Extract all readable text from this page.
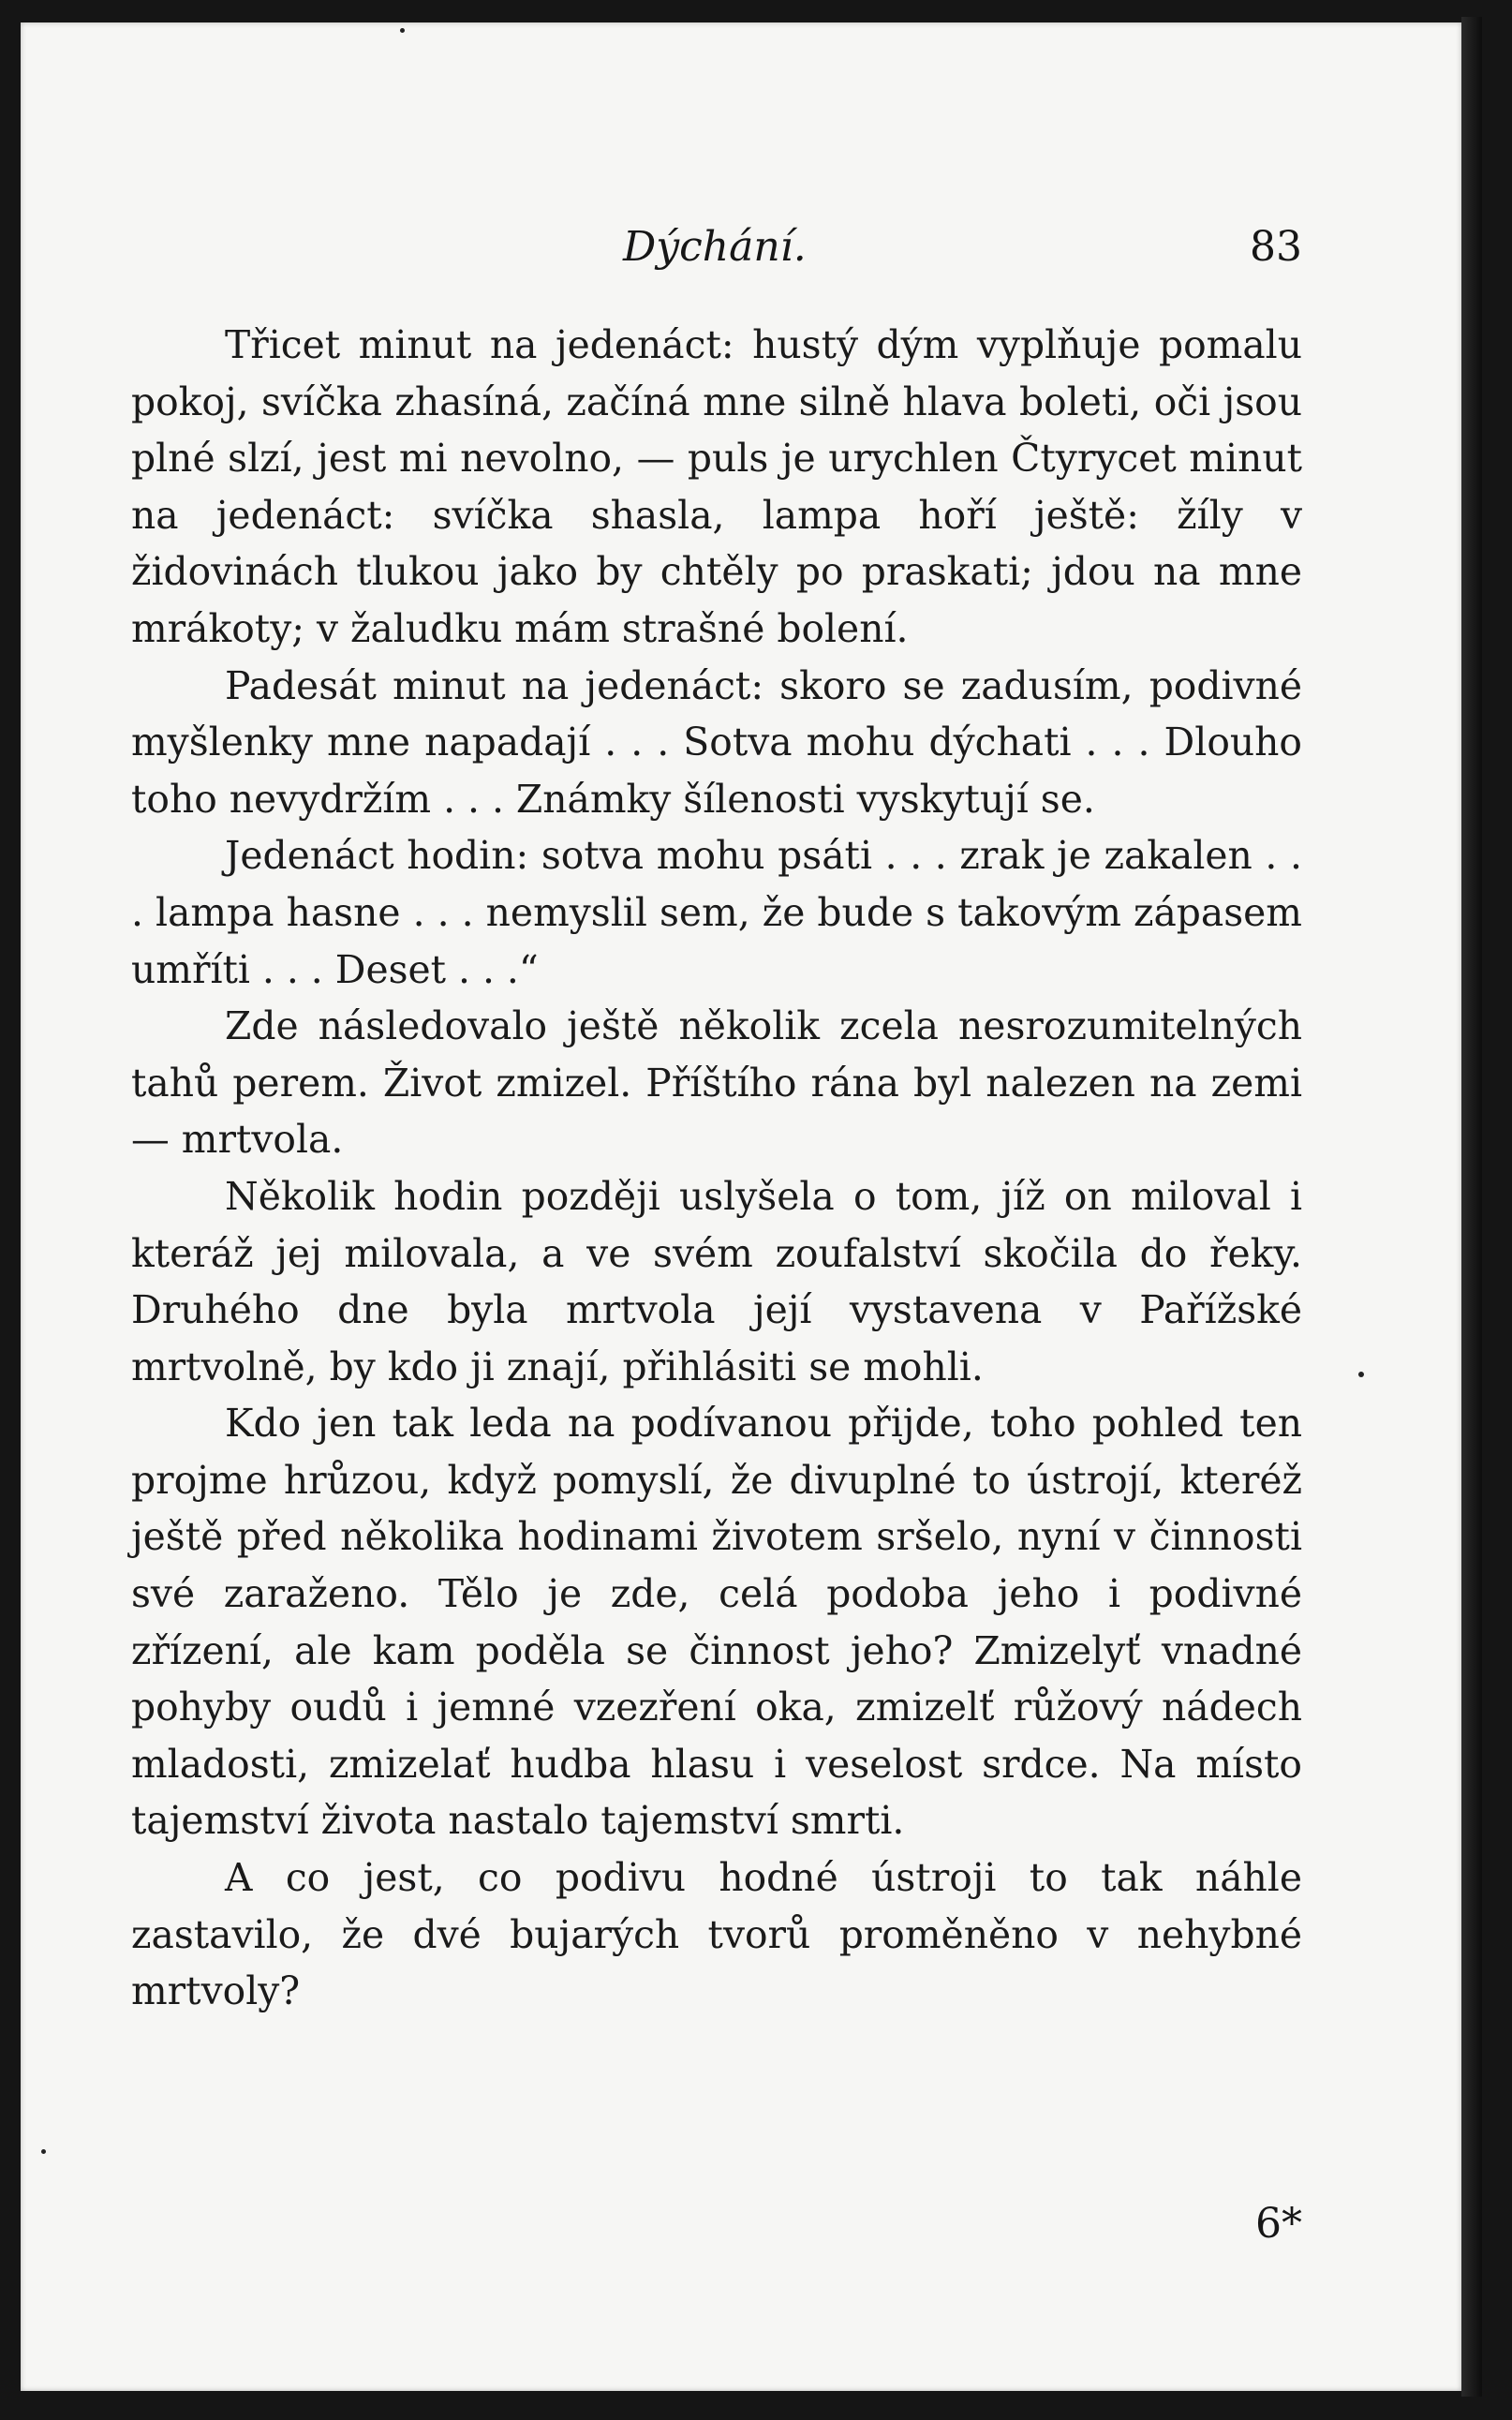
Dýchání.	83

Třicet minut na jedenáct: hustý dým vyplňuje pomalu pokoj, svíčka zhasíná, začíná mne silně hlava boleti, oči jsou plné slzí, jest mi nevolno, — puls je urychlen Čtyrycet minut na jedenáct: svíčka shasla, lampa hoří ještě: žíly v židovinách tlukou jako by chtěly po praskati; jdou na mne mrákoty; v žaludku mám strašné bolení.

Padesát minut na jedenáct: skoro se zadusím, podivné myšlenky mne napadají . . . Sotva mohu dýchati . . . Dlouho toho nevydržím . . . Známky šílenosti vyskytují se.

Jedenáct hodin: sotva mohu psáti . . . zrak je zakalen . . . lampa hasne . . . nemyslil sem, že bude s takovým zápasem umříti . . . Deset . . .“

Zde následovalo ještě několik zcela nesrozumitelných tahů perem. Život zmizel. Příštího rána byl nalezen na zemi — mrtvola.

Několik hodin později uslyšela o tom, jíž on miloval i kteráž jej milovala, a ve svém zoufalství skočila do řeky. Druhého dne byla mrtvola její vystavena v Pařížské mrtvolně, by kdo ji znají, přihlásiti se mohli.

Kdo jen tak leda na podívanou přijde, toho pohled ten projme hrůzou, když pomyslí, že divuplné to ústrojí, kteréž ještě před několika hodinami životem sršelo, nyní v činnosti své zaraženo. Tělo je zde, celá podoba jeho i podivné zřízení, ale kam poděla se činnost jeho? Zmizelyť vnadné pohyby oudů i jemné vzezření oka, zmizelť růžový nádech mladosti, zmizelať hudba hlasu i veselost srdce. Na místo tajemství života nastalo tajemství smrti.

A co jest, co podivu hodné ústroji to tak náhle zastavilo, že dvé bujarých tvorů proměněno v nehybné mrtvoly?

6*
